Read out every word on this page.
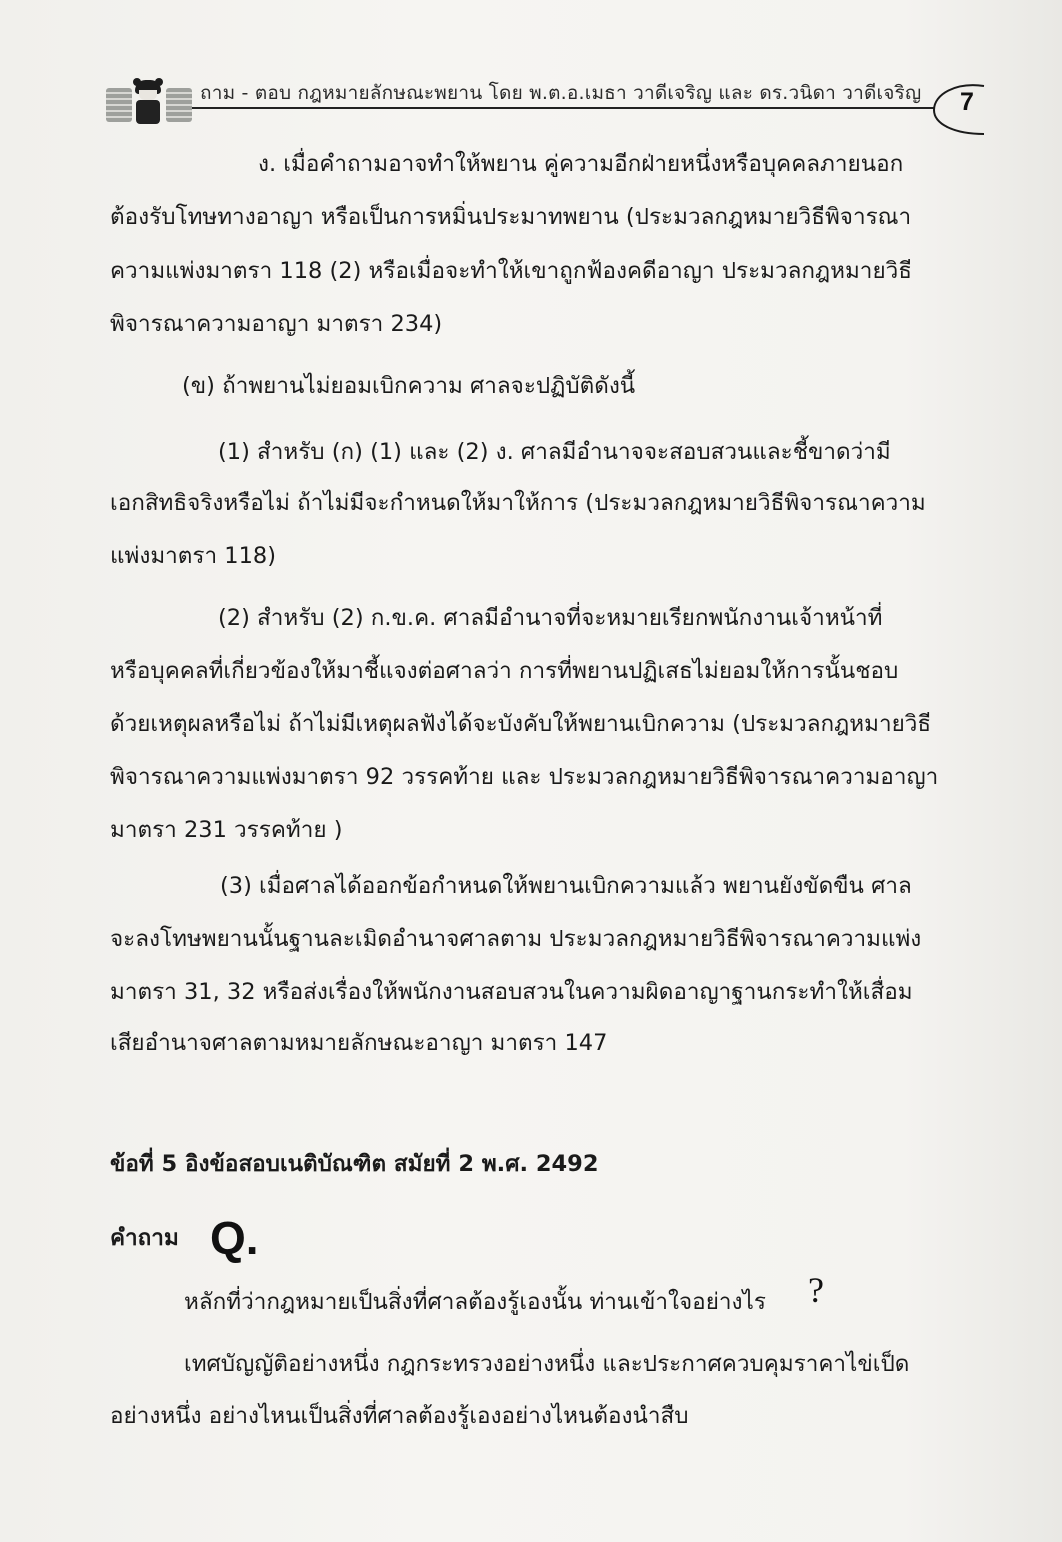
ถาม - ตอบ กฎหมายลักษณะพยาน โดย พ.ต.อ.เมธา วาดีเจริญ และ ดร.วนิดา วาดีเจริญ 7
ง. เมื่อคำถามอาจทำให้พยาน คู่ความอีกฝ่ายหนึ่งหรือบุคคลภายนอก
ต้องรับโทษทางอาญา หรือเป็นการหมิ่นประมาทพยาน (ประมวลกฎหมายวิธีพิจารณา
ความแพ่งมาตรา 118 (2) หรือเมื่อจะทำให้เขาถูกฟ้องคดีอาญา ประมวลกฎหมายวิธี
พิจารณาความอาญา มาตรา 234)
(ข) ถ้าพยานไม่ยอมเบิกความ ศาลจะปฏิบัติดังนี้
(1) สำหรับ (ก) (1) และ (2) ง. ศาลมีอำนาจจะสอบสวนและชี้ขาดว่ามี
เอกสิทธิจริงหรือไม่ ถ้าไม่มีจะกำหนดให้มาให้การ (ประมวลกฎหมายวิธีพิจารณาความ
แพ่งมาตรา 118)
(2) สำหรับ (2) ก.ข.ค. ศาลมีอำนาจที่จะหมายเรียกพนักงานเจ้าหน้าที่
หรือบุคคลที่เกี่ยวข้องให้มาชี้แจงต่อศาลว่า การที่พยานปฏิเสธไม่ยอมให้การนั้นชอบ
ด้วยเหตุผลหรือไม่ ถ้าไม่มีเหตุผลฟังได้จะบังคับให้พยานเบิกความ (ประมวลกฎหมายวิธี
พิจารณาความแพ่งมาตรา 92 วรรคท้าย และ ประมวลกฎหมายวิธีพิจารณาความอาญา
มาตรา 231 วรรคท้าย )
(3) เมื่อศาลได้ออกข้อกำหนดให้พยานเบิกความแล้ว พยานยังขัดขืน ศาล
จะลงโทษพยานนั้นฐานละเมิดอำนาจศาลตาม ประมวลกฎหมายวิธีพิจารณาความแพ่ง
มาตรา 31, 32 หรือส่งเรื่องให้พนักงานสอบสวนในความผิดอาญาฐานกระทำให้เสื่อม
เสียอำนาจศาลตามหมายลักษณะอาญา มาตรา 147
ข้อที่ 5 อิงข้อสอบเนติบัณฑิต สมัยที่ 2 พ.ศ. 2492
คำถาม Q.
หลักที่ว่ากฎหมายเป็นสิ่งที่ศาลต้องรู้เองนั้น ท่านเข้าใจอย่างไร ?
เทศบัญญัติอย่างหนึ่ง กฎกระทรวงอย่างหนึ่ง และประกาศควบคุมราคาไข่เป็ด
อย่างหนึ่ง อย่างไหนเป็นสิ่งที่ศาลต้องรู้เองอย่างไหนต้องนำสืบ
